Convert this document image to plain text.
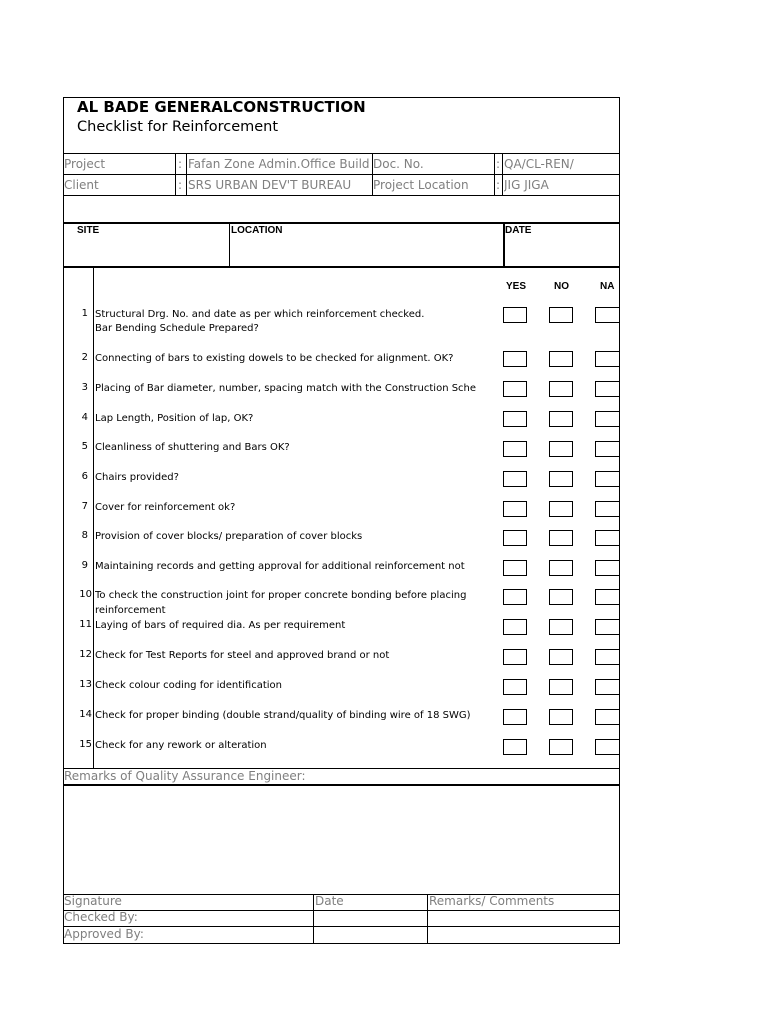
AL BADE GENERALCONSTRUCTION
Checklist for Reinforcement
Project	: Fafan Zone Admin.Office Build Doc. No.	: QA/CL-REN/
Client	: SRS URBAN DEV'T BUREAU	Project Location	: JIG JIGA
SITE	LOCATION	DATE
YES	NO	NA
1 Structural Drg. No. and date as per which reinforcement checked.
Bar Bending Schedule Prepared?
2 Connecting of bars to existing dowels to be checked for alignment. OK?
3 Placing of Bar diameter, number, spacing match with the Construction Sche
4 Lap Length, Position of lap, OK?
5 Cleanliness of shuttering and Bars OK?
6 Chairs provided?
7 Cover for reinforcement ok?
8 Provision of cover blocks/ preparation of cover blocks
9 Maintaining records and getting approval for additional reinforcement not
10 To check the construction joint for proper concrete bonding before placing
reinforcement
11 Laying of bars of required dia. As per requirement
12 Check for Test Reports for steel and approved brand or not
13 Check colour coding for identification
14 Check for proper binding (double strand/quality of binding wire of 18 SWG)
15 Check for any rework or alteration
Remarks of Quality Assurance Engineer:
Signature	Date	Remarks/ Comments
Checked By:
Approved By:
